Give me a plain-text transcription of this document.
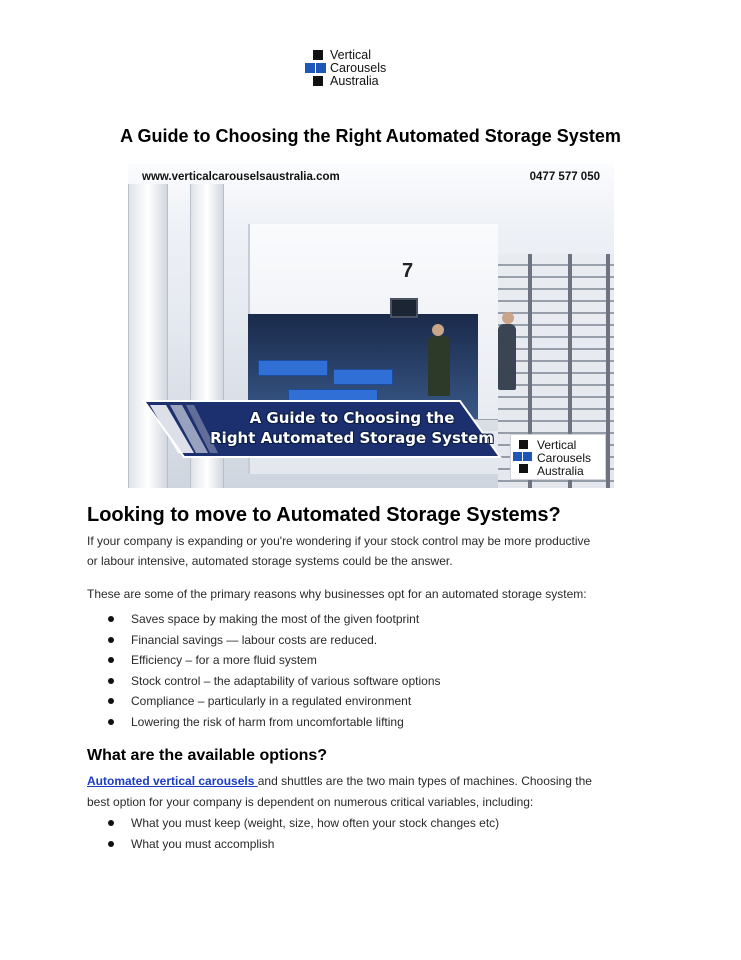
Vertical
Carousels
Australia
A Guide to Choosing the Right Automated Storage System
7
www.verticalcarouselsaustralia.com	0477 577 050
A Guide to Choosing the
Right Automated Storage System	Vertical
Carousels
Australia
Looking to move to Automated Storage Systems?
If your company is expanding or you're wondering if your stock control may be more productive
or labour intensive, automated storage systems could be the answer.
These are some of the primary reasons why businesses opt for an automated storage system:
Saves space by making the most of the given footprint
Financial savings — labour costs are reduced.
Efficiency – for a more fluid system
Stock control – the adaptability of various software options
Compliance – particularly in a regulated environment
Lowering the risk of harm from uncomfortable lifting
What are the available options?
Automated vertical carousels and shuttles are the two main types of machines. Choosing the
best option for your company is dependent on numerous critical variables, including:
What you must keep (weight, size, how often your stock changes etc)
What you must accomplish
